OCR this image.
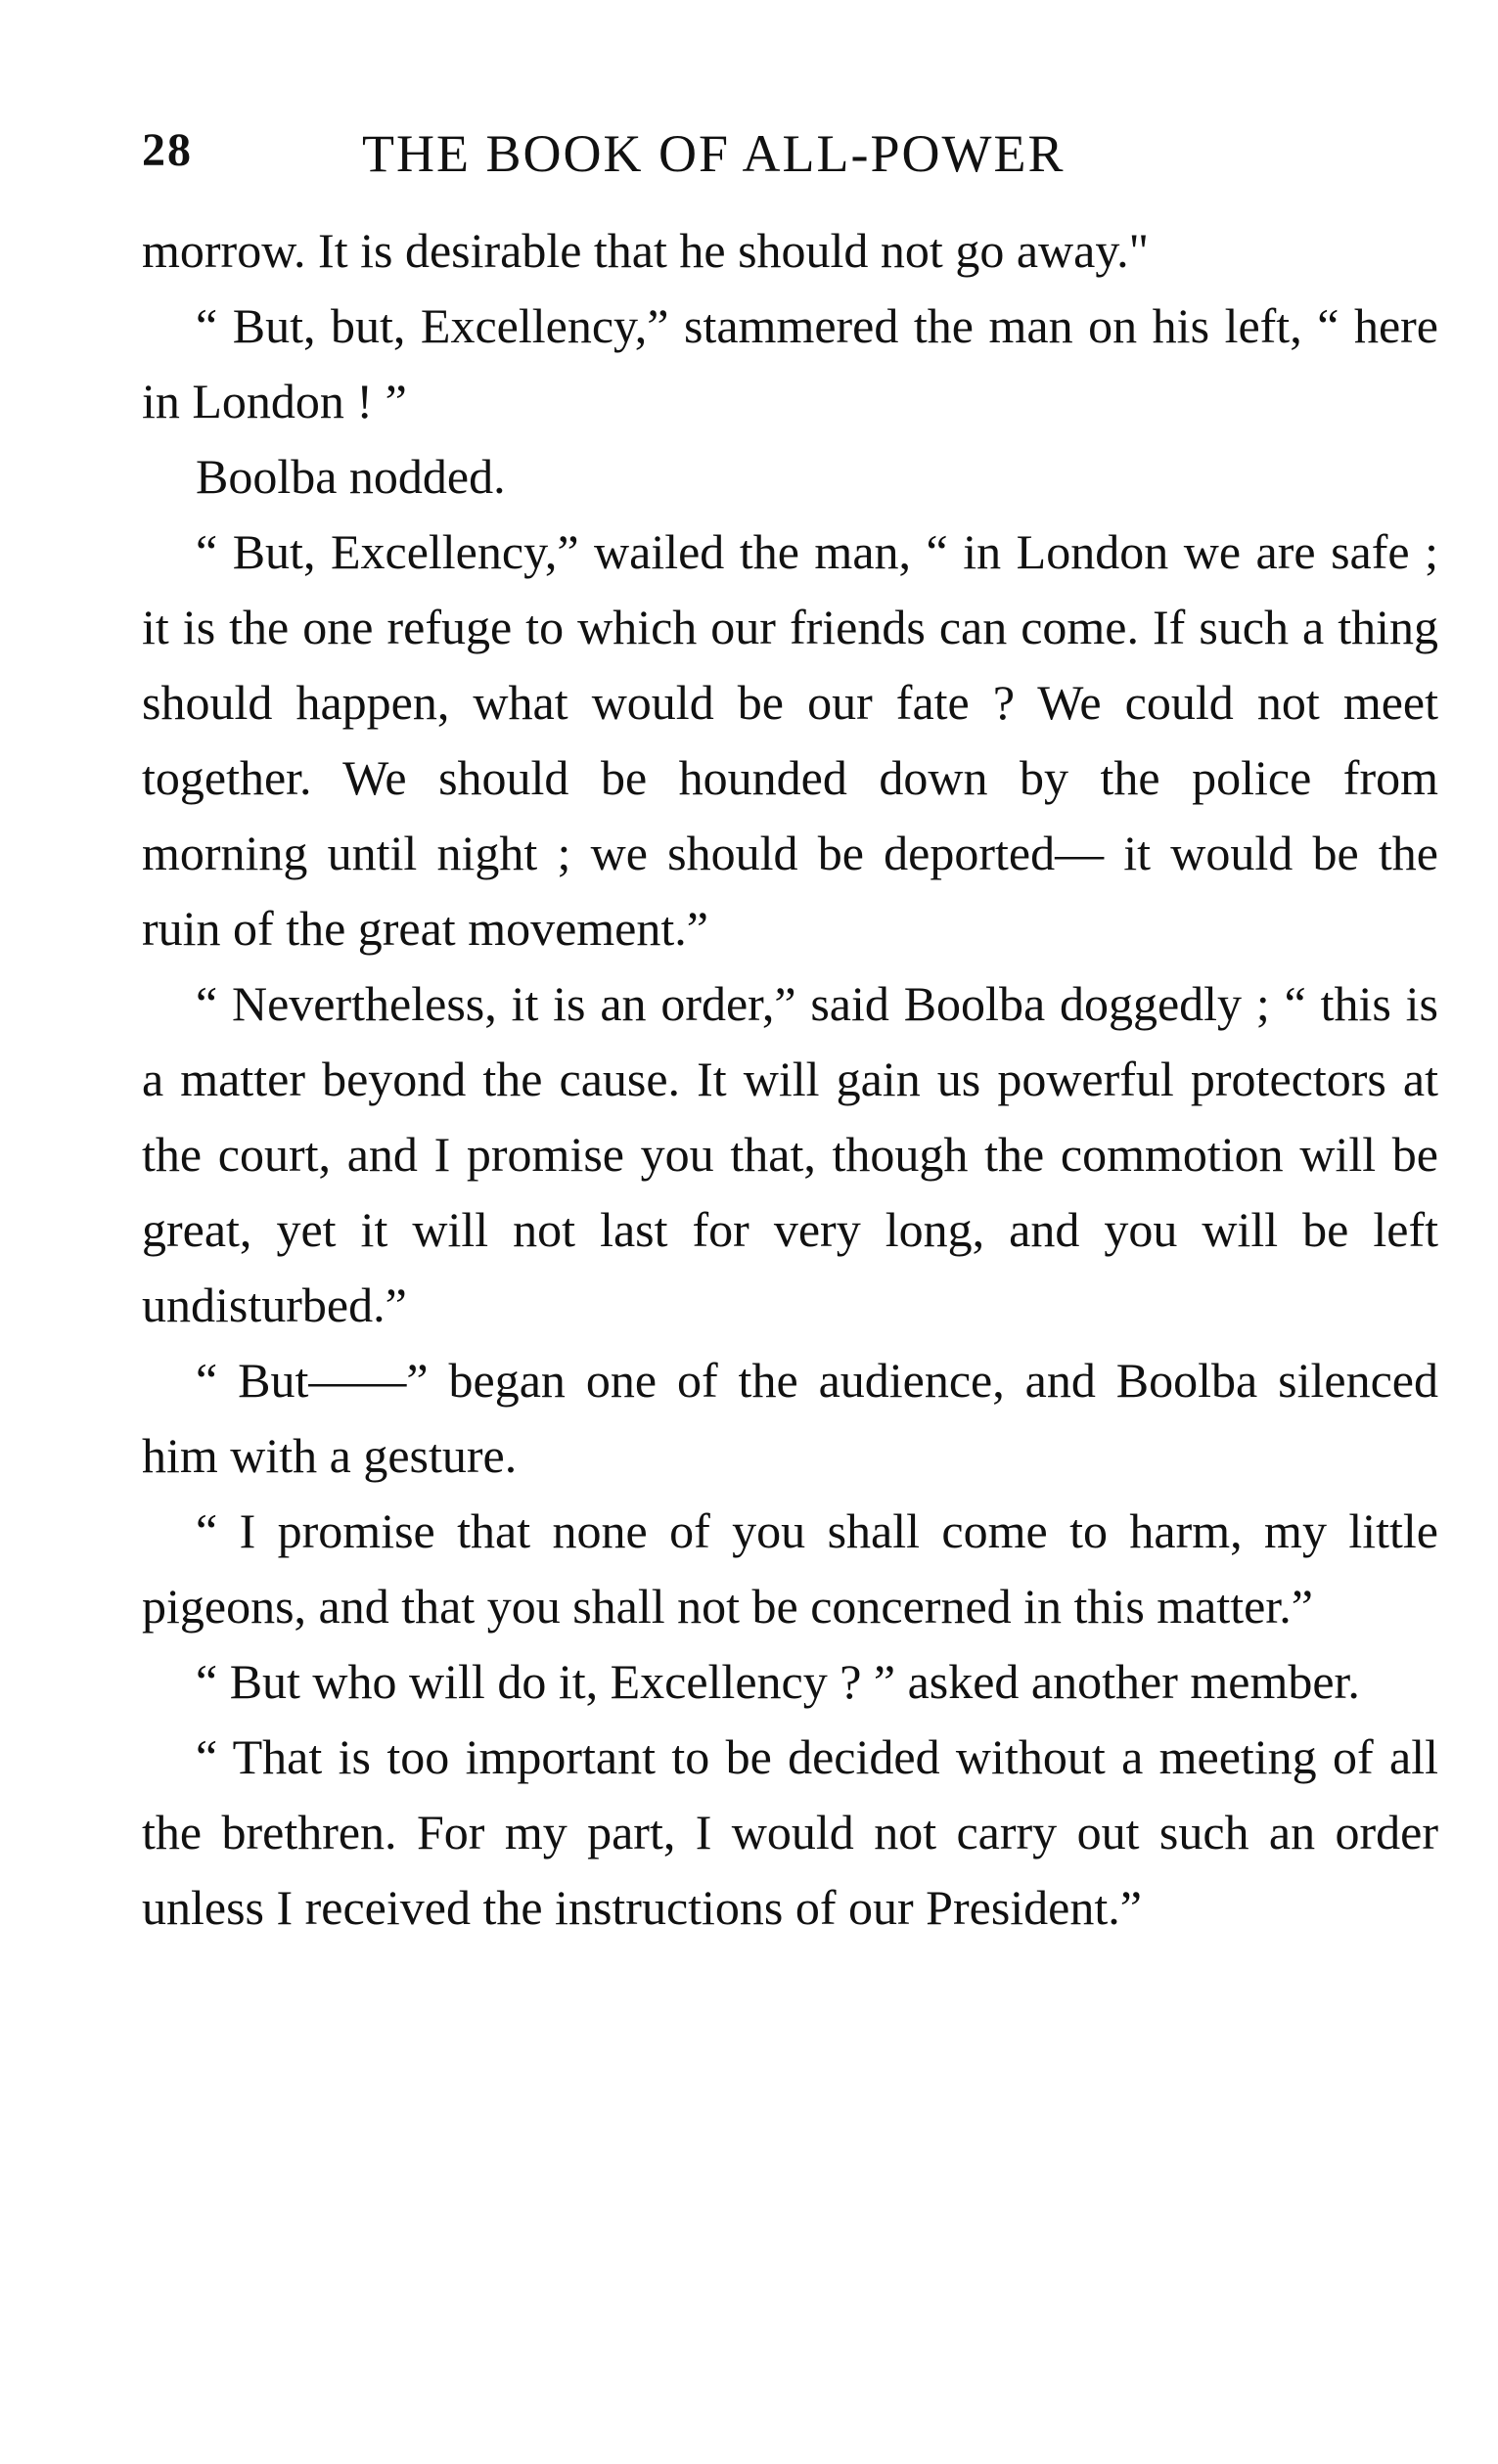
28	THE BOOK OF ALL-POWER

morrow. It is desirable that he should not go away."

“ But, but, Excellency,” stammered the man on his left, “ here in London ! ”

Boolba nodded.

“ But, Excellency,” wailed the man, “ in London we are safe ; it is the one refuge to which our friends can come. If such a thing should happen, what would be our fate ? We could not meet together. We should be hounded down by the police from morning until night ; we should be deported— it would be the ruin of the great movement.”

“ Nevertheless, it is an order,” said Boolba doggedly ; “ this is a matter beyond the cause. It will gain us powerful protectors at the court, and I promise you that, though the commotion will be great, yet it will not last for very long, and you will be left undisturbed.”

“ But——” began one of the audience, and Boolba silenced him with a gesture.

“ I promise that none of you shall come to harm, my little pigeons, and that you shall not be concerned in this matter.”

“ But who will do it, Excellency ? ” asked another member.

“ That is too important to be decided without a meeting of all the brethren. For my part, I would not carry out such an order unless I received the instructions of our President.”
